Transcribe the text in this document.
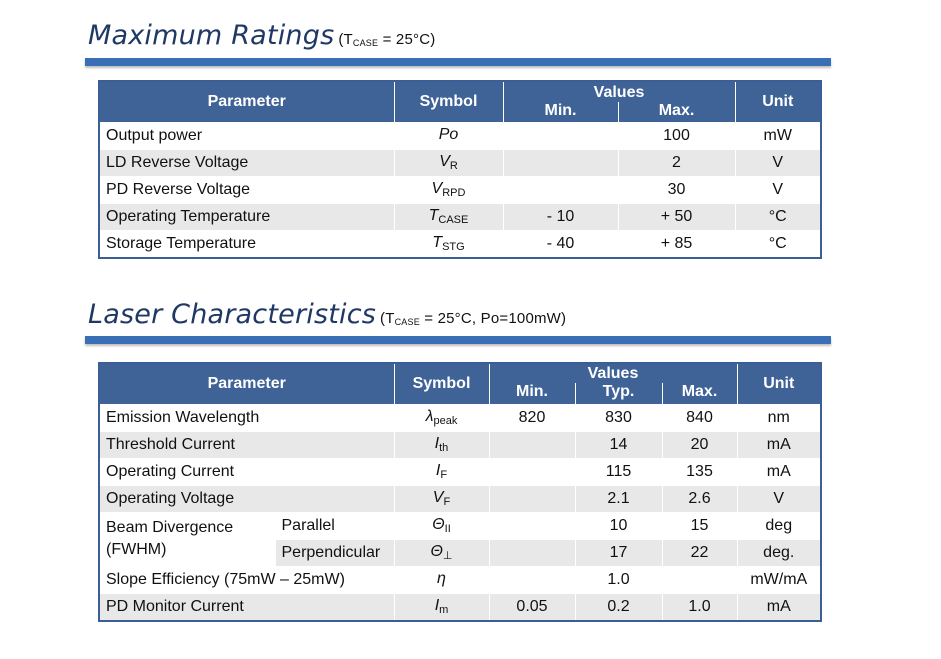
Maximum Ratings $(T_{CASE} = 25^\circ C)$
Parameter	Symbol	Values		Unit
		Min.	Max.	
Output power	Po		100	mW
LD Reverse Voltage	$V_R$		2	V
PD Reverse Voltage	$V_{RPD}$		30	V
Operating Temperature	$T_{CASE}$	- 10	+ 50	°C
Storage Temperature	$T_{STG}$	- 40	+ 85	°C
Laser Characteristics ($T_{CASE} = 25^\circ C$, Po=100mW)
Parameter		Symbol	Values			Unit
			Min.	Typ.	Max.	
Emission Wavelength		$\lambda_{peak}$	820	830	840	nm
Threshold Current		$I_{th}$		14	20	mA
Operating Current		$I_F$		115	135	mA
Operating Voltage		$V_F$		2.1	2.6	V

Beam Divergence
(FWHM)	Parallel	$\Theta_{II}$		10	15	deg
	Perpendicular	$\Theta_\perp$		17	22	deg.
Slope Efficiency (75mW – 25mW)		η		1.0		mW/mA
PD Monitor Current		$I_m$	0.05	0.2	1.0	mA
